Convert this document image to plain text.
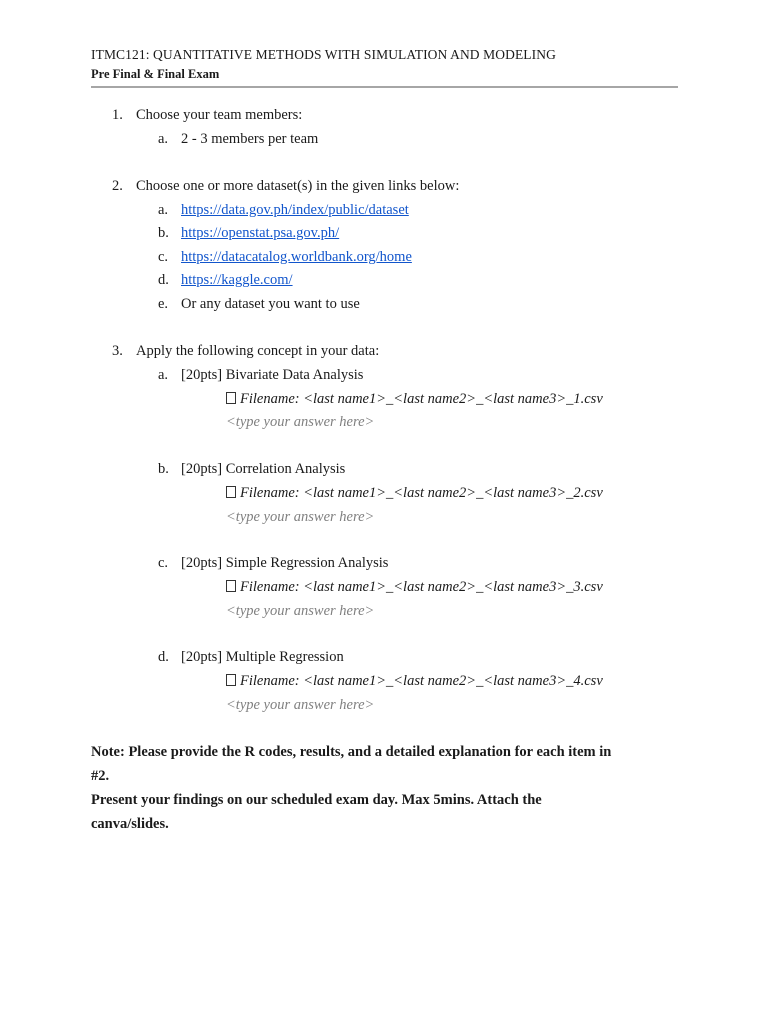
ITMC121: QUANTITATIVE METHODS WITH SIMULATION AND MODELING
Pre Final & Final Exam
1. Choose your team members:
a. 2 - 3 members per team
2. Choose one or more dataset(s) in the given links below:
a. https://data.gov.ph/index/public/dataset
b. https://openstat.psa.gov.ph/
c. https://datacatalog.worldbank.org/home
d. https://kaggle.com/
e. Or any dataset you want to use
3. Apply the following concept in your data:
a. [20pts] Bivariate Data Analysis
Filename: <last name1>_<last name2>_<last name3>_1.csv
<type your answer here>
b. [20pts] Correlation Analysis
Filename: <last name1>_<last name2>_<last name3>_2.csv
<type your answer here>
c. [20pts] Simple Regression Analysis
Filename: <last name1>_<last name2>_<last name3>_3.csv
<type your answer here>
d. [20pts] Multiple Regression
Filename: <last name1>_<last name2>_<last name3>_4.csv
<type your answer here>
Note: Please provide the R codes, results, and a detailed explanation for each item in
#2.
Present your findings on our scheduled exam day. Max 5mins. Attach the
canva/slides.
